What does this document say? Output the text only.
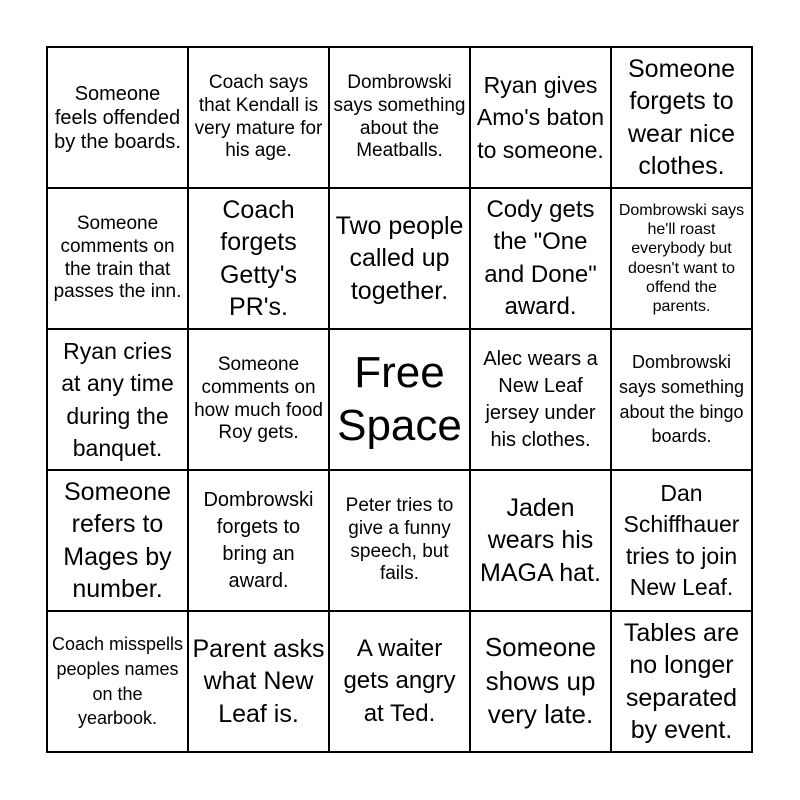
Someone feels offended by the boards.
Coach says that Kendall is very mature for his age.
Dombrowski says something about the Meatballs.
Ryan gives Amo's baton to someone.
Someone forgets to wear nice clothes.
Someone comments on the train that passes the inn.
Coach forgets Getty's PR's.
Two people called up together.
Cody gets the "One and Done" award.
Dombrowski says he'll roast everybody but doesn't want to offend the parents.
Ryan cries at any time during the banquet.
Someone comments on how much food Roy gets.
Free Space
Alec wears a New Leaf jersey under his clothes.
Dombrowski says something about the bingo boards.
Someone refers to Mages by number.
Dombrowski forgets to bring an award.
Peter tries to give a funny speech, but fails.
Jaden wears his MAGA hat.
Dan Schiffhauer tries to join New Leaf.
Coach misspells peoples names on the yearbook.
Parent asks what New Leaf is.
A waiter gets angry at Ted.
Someone shows up very late.
Tables are no longer separated by event.
